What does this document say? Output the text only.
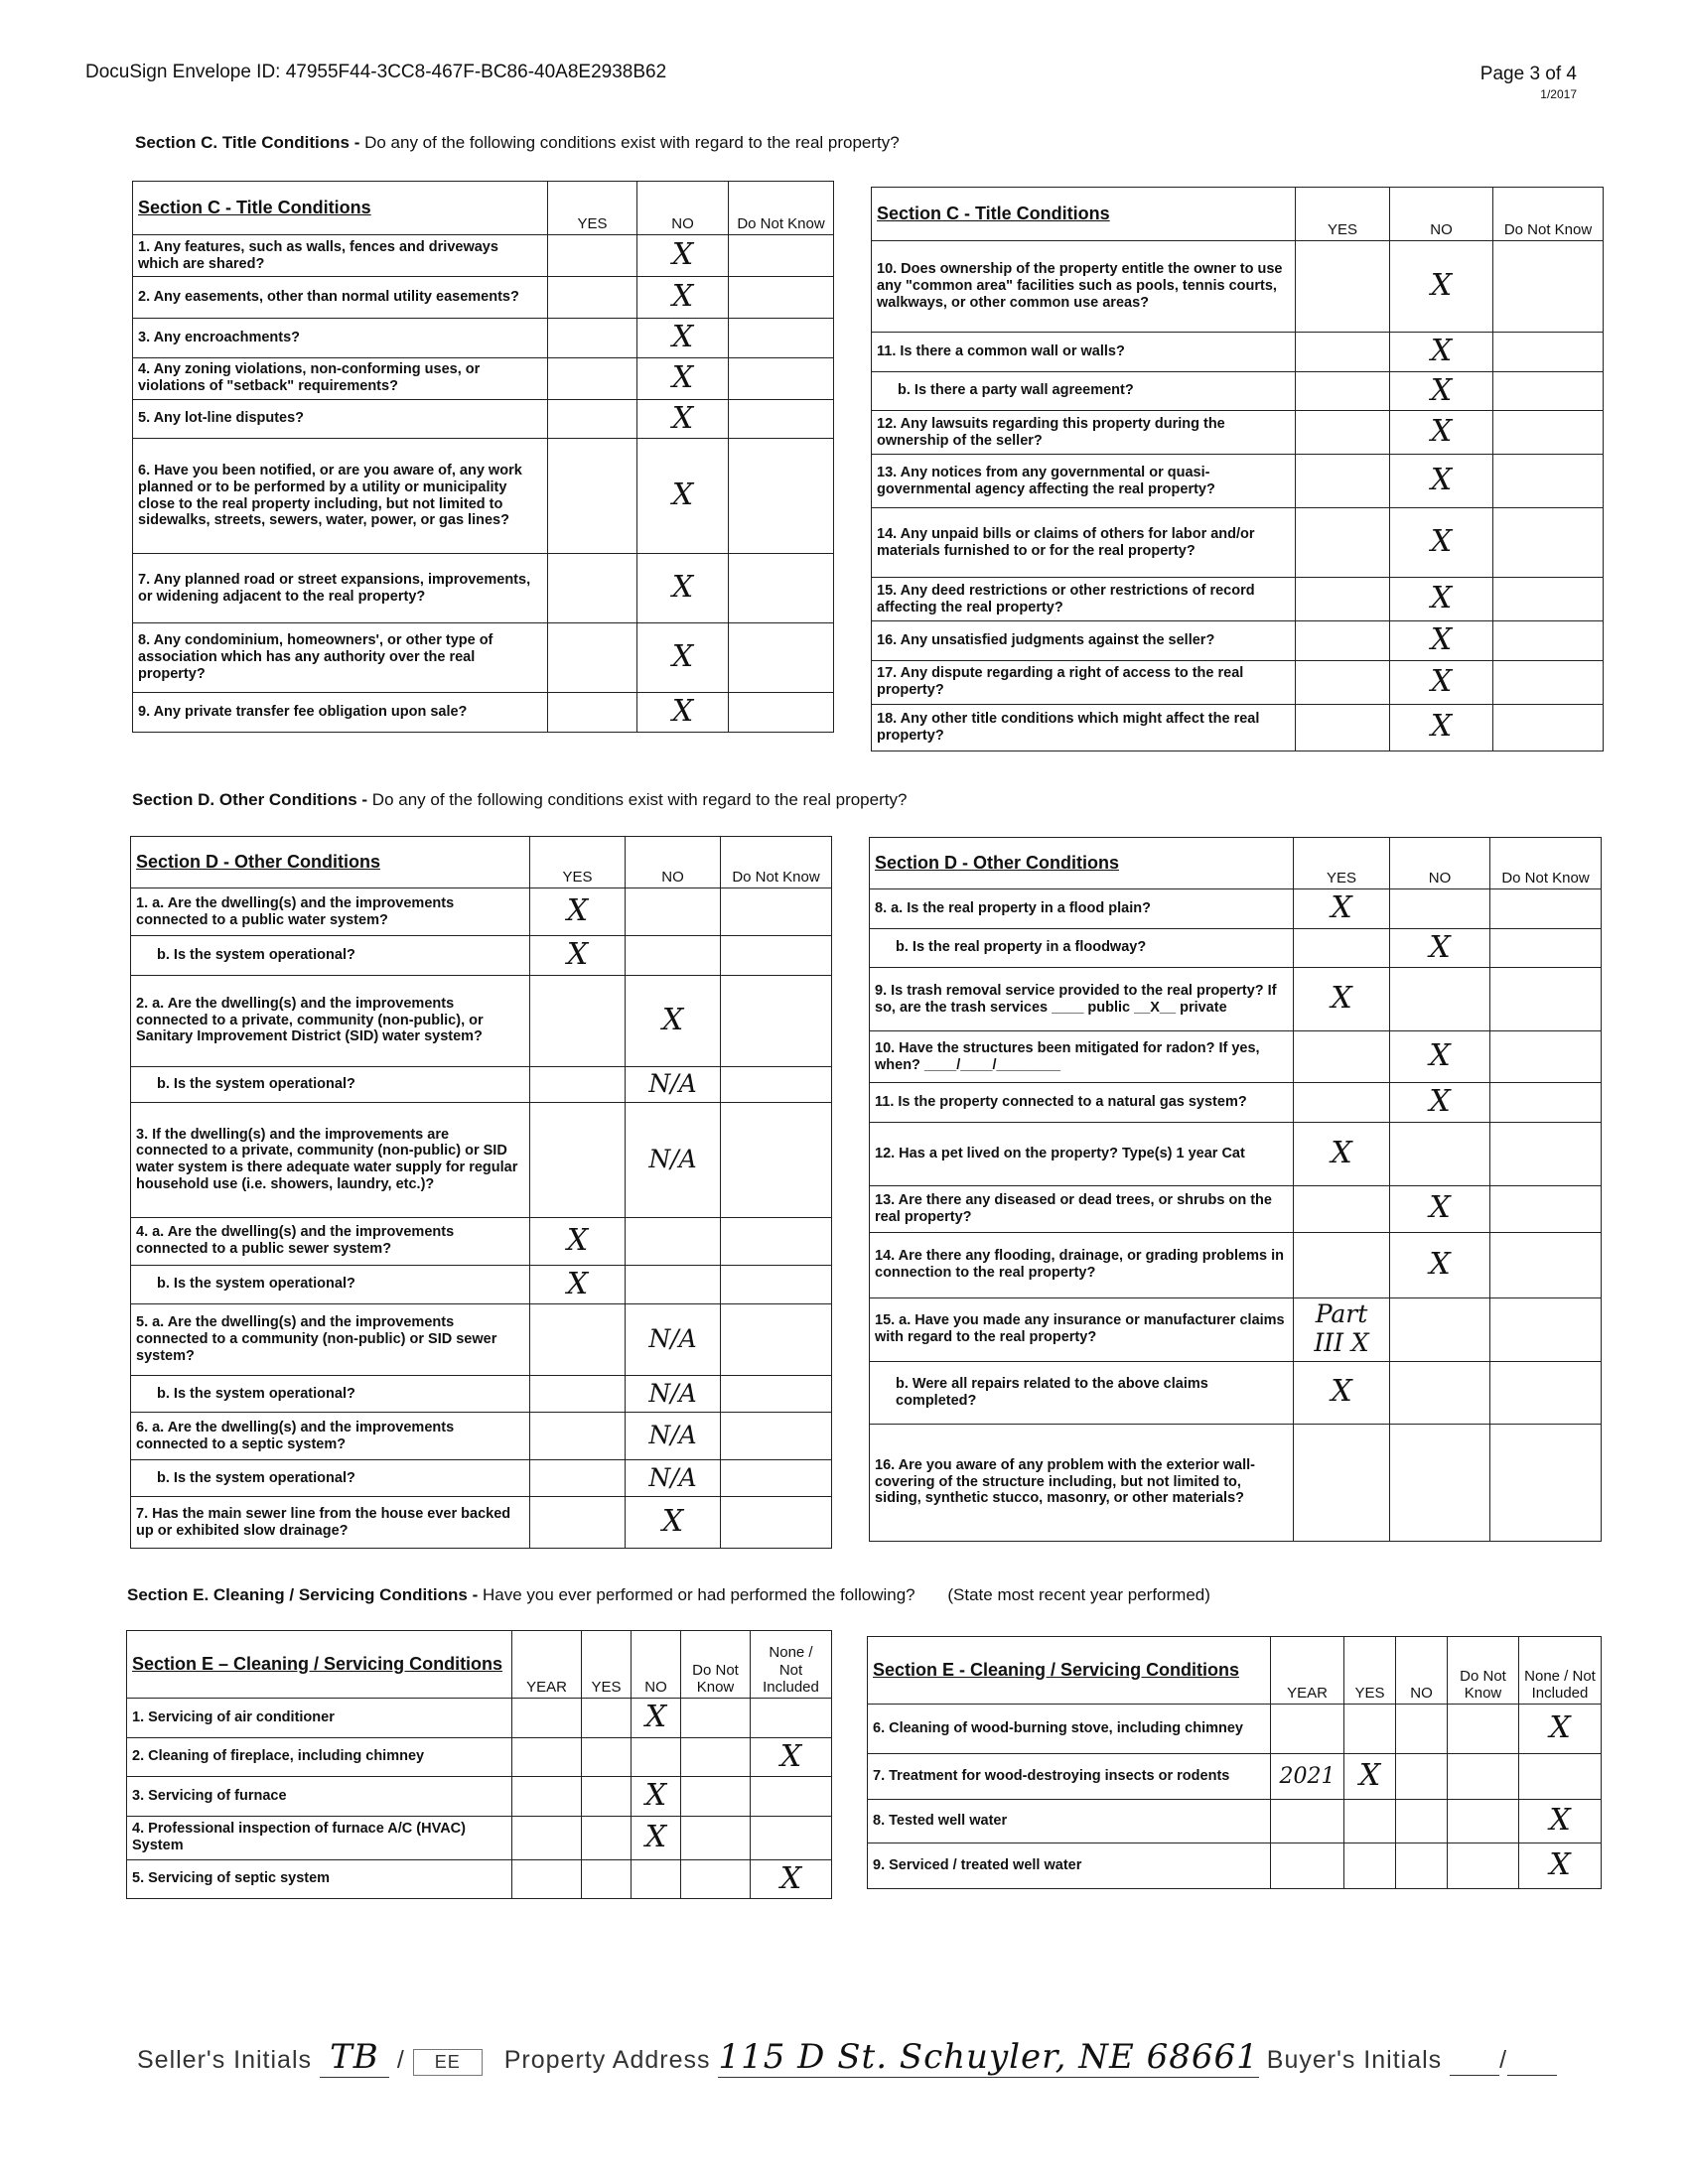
DocuSign Envelope ID: 47955F44-3CC8-467F-BC86-40A8E2938B62	Page 3 of 4
1/2017
Section C. Title Conditions - Do any of the following conditions exist with regard to the real property?
Section C - Title Conditions	YES	NO	Do Not Know
1. Any features, such as walls, fences and driveways which are shared?		X	
2. Any easements, other than normal utility easements?		X	
3. Any encroachments?		X	
4. Any zoning violations, non-conforming uses, or violations of "setback" requirements?		X	
5. Any lot-line disputes?		X	
6. Have you been notified, or are you aware of, any work planned or to be performed by a utility or municipality close to the real property including, but not limited to sidewalks, streets, sewers, water, power, or gas lines?		X	
7. Any planned road or street expansions, improvements, or widening adjacent to the real property?		X	
8. Any condominium, homeowners', or other type of association which has any authority over the real property?		X	
9. Any private transfer fee obligation upon sale?		X	
Section C - Title Conditions	YES	NO	Do Not Know
10. Does ownership of the property entitle the owner to use any "common area" facilities such as pools, tennis courts, walkways, or other common use areas?		X	
11. Is there a common wall or walls?		X	
b. Is there a party wall agreement?		X	
12. Any lawsuits regarding this property during the ownership of the seller?		X	
13. Any notices from any governmental or quasi-governmental agency affecting the real property?		X	
14. Any unpaid bills or claims of others for labor and/or materials furnished to or for the real property?		X	
15. Any deed restrictions or other restrictions of record affecting the real property?		X	
16. Any unsatisfied judgments against the seller?		X	
17. Any dispute regarding a right of access to the real property?		X	
18. Any other title conditions which might affect the real property?		X	
Section D. Other Conditions - Do any of the following conditions exist with regard to the real property?
Section D - Other Conditions	YES	NO	Do Not Know
1. a. Are the dwelling(s) and the improvements connected to a public water system?	X		
b. Is the system operational?	X		
2. a. Are the dwelling(s) and the improvements connected to a private, community (non-public), or Sanitary Improvement District (SID) water system?		X	
b. Is the system operational?		N/A	
3. If the dwelling(s) and the improvements are connected to a private, community (non-public) or SID water system is there adequate water supply for regular household use (i.e. showers, laundry, etc.)?		N/A	
4. a. Are the dwelling(s) and the improvements connected to a public sewer system?	X		
b. Is the system operational?	X		
5. a. Are the dwelling(s) and the improvements connected to a community (non-public) or SID sewer system?		N/A	
b. Is the system operational?		N/A	
6. a. Are the dwelling(s) and the improvements connected to a septic system?		N/A	
b. Is the system operational?		N/A	
7. Has the main sewer line from the house ever backed up or exhibited slow drainage?		X	
Section D - Other Conditions	YES	NO	Do Not Know
8. a. Is the real property in a flood plain?	X		
b. Is the real property in a floodway?		X	
9. Is trash removal service provided to the real property? If so, are the trash services ____ public __X__ private	X		
10. Have the structures been mitigated for radon? If yes, when? ____/____/________		X	
11. Is the property connected to a natural gas system?		X	
12. Has a pet lived on the property? Type(s) 1 year Cat	X		
13. Are there any diseased or dead trees, or shrubs on the real property?		X	
14. Are there any flooding, drainage, or grading problems in connection to the real property?		X	
15. a. Have you made any insurance or manufacturer claims with regard to the real property?	Part III X		
b. Were all repairs related to the above claims completed?	X		
16. Are you aware of any problem with the exterior wall-covering of the structure including, but not limited to, siding, synthetic stucco, masonry, or other materials?			
Section E. Cleaning / Servicing Conditions - Have you ever performed or had performed the following? (State most recent year performed)
Section E – Cleaning / Servicing Conditions	YEAR	YES	NO	Do Not Know	None / Not Included
1. Servicing of air conditioner			X		
2. Cleaning of fireplace, including chimney					X
3. Servicing of furnace			X		
4. Professional inspection of furnace A/C (HVAC) System			X		
5. Servicing of septic system					X
Section E - Cleaning / Servicing Conditions	YEAR	YES	NO	Do Not Know	None / Not Included
6. Cleaning of wood-burning stove, including chimney					X
7. Treatment for wood-destroying insects or rodents	2021	X			
8. Tested well water					X
9. Serviced / treated well water					X
Seller's Initials TB / EE Property Address 115 D St. Schuyler, NE 68661 Buyer's Initials /
